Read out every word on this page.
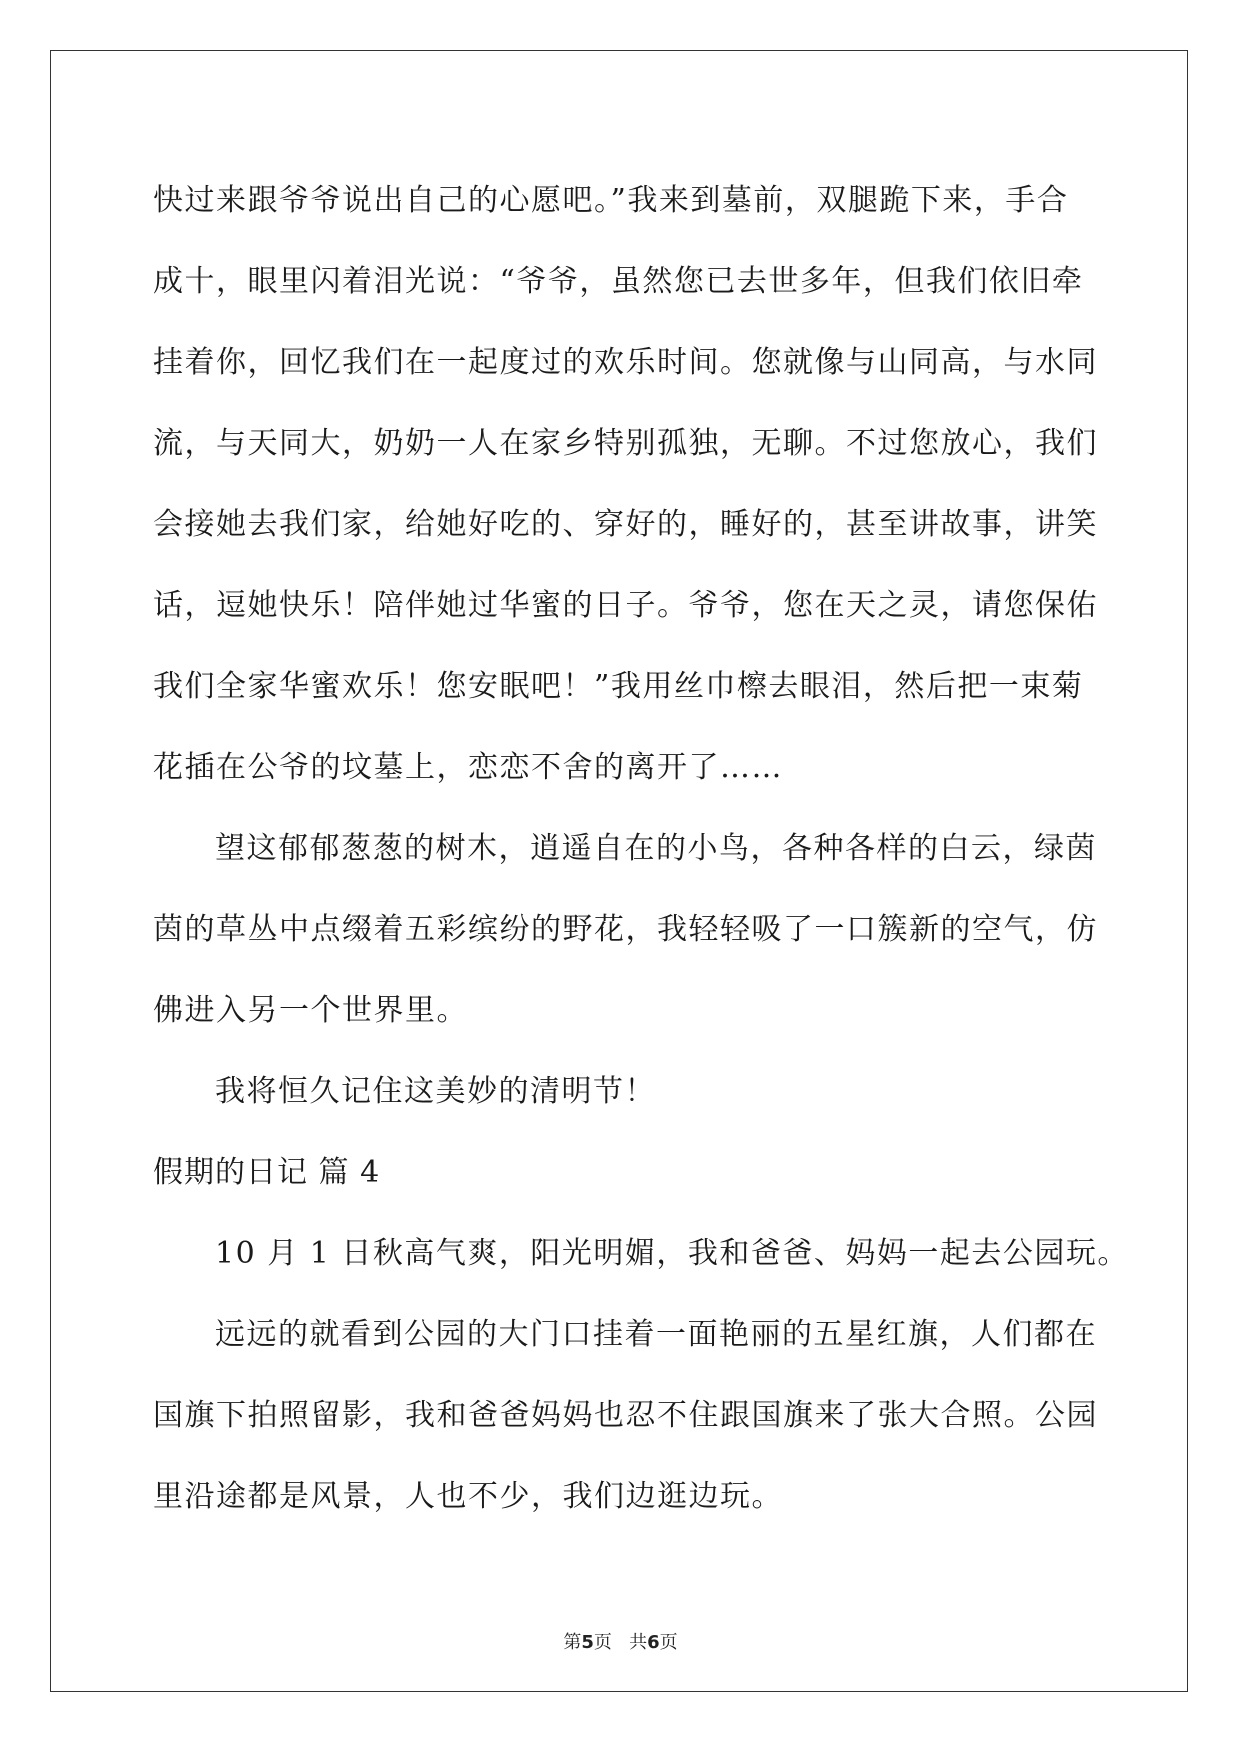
快过来跟爷爷说出自己的心愿吧。”我来到墓前，双腿跪下来，手合
成十，眼里闪着泪光说：“爷爷，虽然您已去世多年，但我们依旧牵
挂着你，回忆我们在一起度过的欢乐时间。您就像与山同高，与水同
流，与天同大，奶奶一人在家乡特别孤独，无聊。不过您放心，我们
会接她去我们家，给她好吃的、穿好的，睡好的，甚至讲故事，讲笑
话，逗她快乐！陪伴她过华蜜的日子。爷爷，您在天之灵，请您保佑
我们全家华蜜欢乐！您安眠吧！”我用丝巾檫去眼泪，然后把一束菊
花插在公爷的坟墓上，恋恋不舍的离开了……
望这郁郁葱葱的树木，逍遥自在的小鸟，各种各样的白云，绿茵
茵的草丛中点缀着五彩缤纷的野花，我轻轻吸了一口簇新的空气，仿
佛进入另一个世界里。
我将恒久记住这美妙的清明节！
假期的日记 篇 4
10 月 1 日秋高气爽，阳光明媚，我和爸爸、妈妈一起去公园玩。
远远的就看到公园的大门口挂着一面艳丽的五星红旗，人们都在
国旗下拍照留影，我和爸爸妈妈也忍不住跟国旗来了张大合照。公园
里沿途都是风景，人也不少，我们边逛边玩。
第5页   共6页
